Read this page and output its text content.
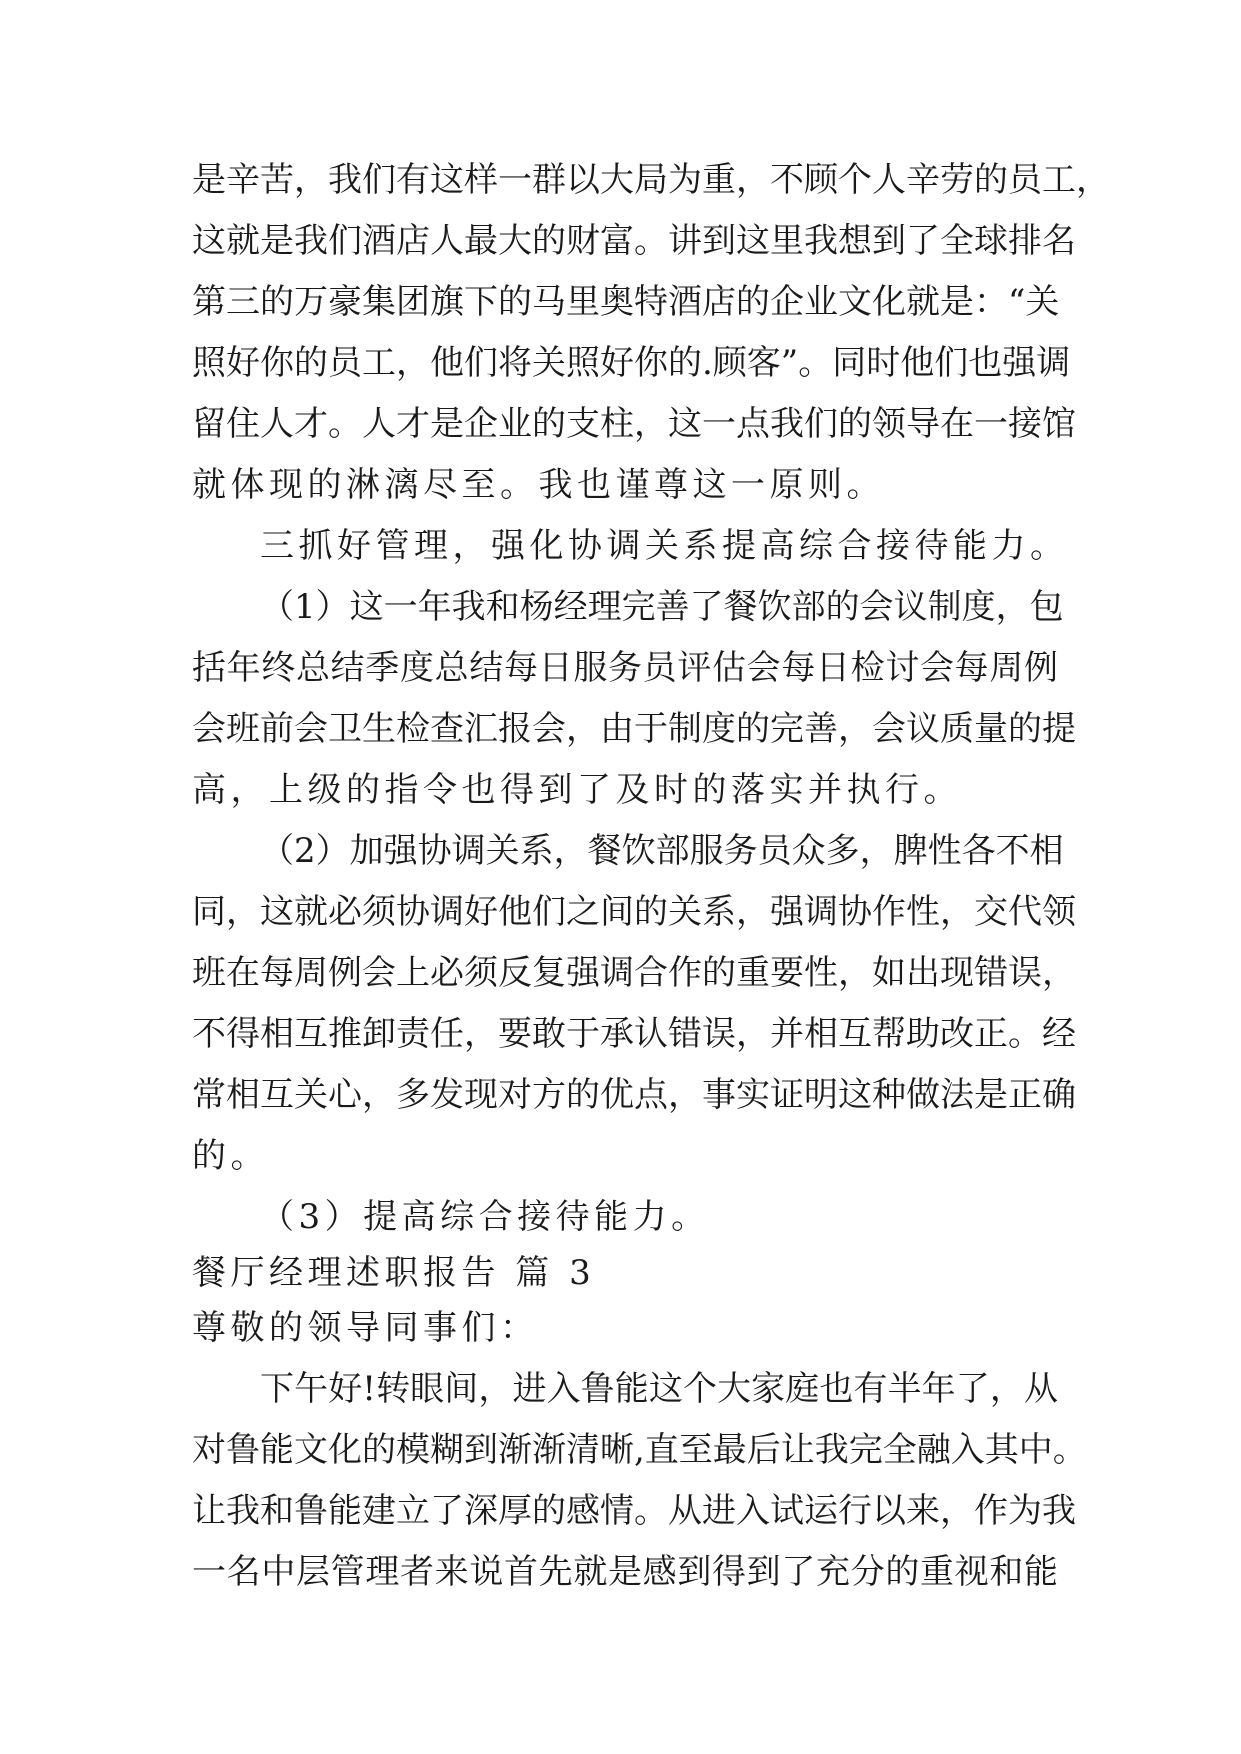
是辛苦，我们有这样一群以大局为重，不顾个人辛劳的员工，
这就是我们酒店人最大的财富。讲到这里我想到了全球排名
第三的万豪集团旗下的马里奥特酒店的企业文化就是：“关
照好你的员工，他们将关照好你的.顾客”。同时他们也强调
留住人才。人才是企业的支柱，这一点我们的领导在一接馆
就体现的淋漓尽至。我也谨尊这一原则。
三抓好管理，强化协调关系提高综合接待能力。
（1）这一年我和杨经理完善了餐饮部的会议制度，包
括年终总结季度总结每日服务员评估会每日检讨会每周例
会班前会卫生检查汇报会，由于制度的完善，会议质量的提
高，上级的指令也得到了及时的落实并执行。
（2）加强协调关系，餐饮部服务员众多，脾性各不相
同，这就必须协调好他们之间的关系，强调协作性，交代领
班在每周例会上必须反复强调合作的重要性，如出现错误，
不得相互推卸责任，要敢于承认错误，并相互帮助改正。经
常相互关心，多发现对方的优点，事实证明这种做法是正确
的。
（3）提高综合接待能力。
餐厅经理述职报告 篇 3
尊敬的领导同事们：
下午好!转眼间，进入鲁能这个大家庭也有半年了，从
对鲁能文化的模糊到渐渐清晰,直至最后让我完全融入其中。
让我和鲁能建立了深厚的感情。从进入试运行以来，作为我
一名中层管理者来说首先就是感到得到了充分的重视和能
